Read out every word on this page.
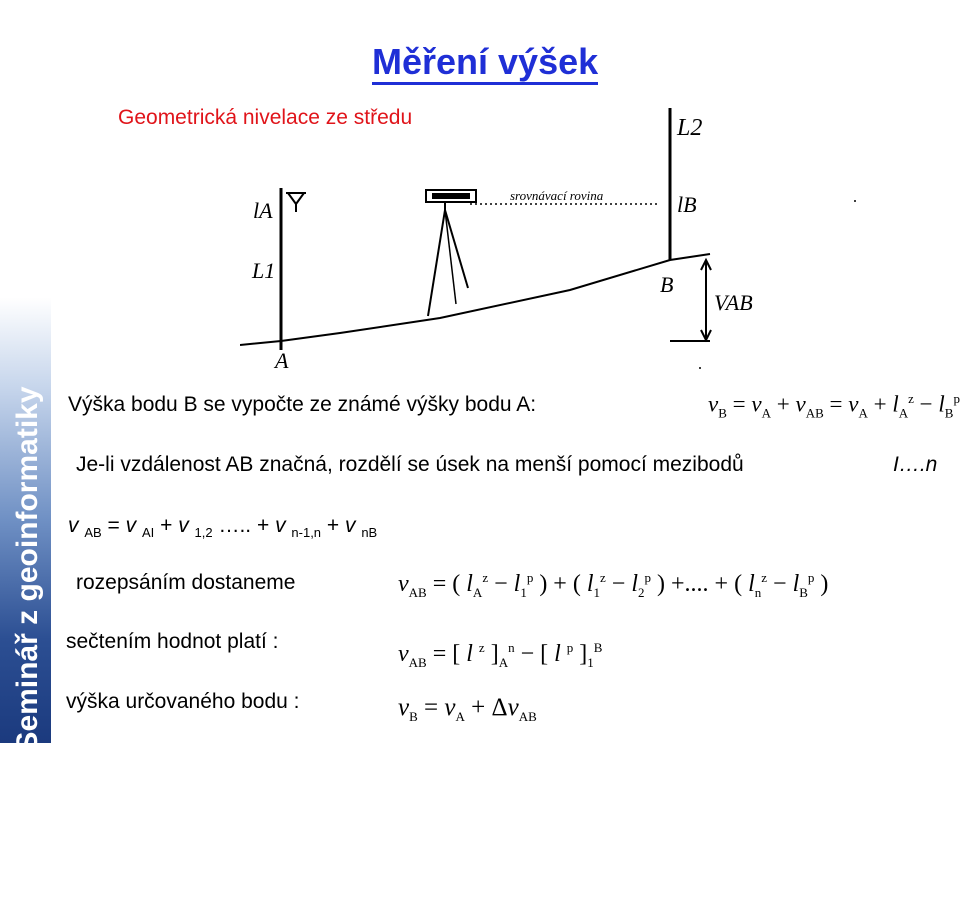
Seminář z geoinformatiky
Měření výšek
Geometrická nivelace ze středu	L2
lA	lB
L1
A
B
VAB
srovnávací rovina
Výška bodu B se vypočte ze známé výšky bodu A:	$v_B = v_A + v_{AB} = v_A + l_A^z - l_B^p$
Je-li vzdálenost AB značná, rozdělí se úsek na menší pomocí mezibodů	I….n
v $_{AB}$ = v $_{AI}$ + v $_{1,2}$ ….. + v $_{n-1,n}$ + v $_{nB}$
rozepsáním dostaneme	$v_{AB}$ = ( $l_A^z - l_1^p$ ) + ( $l_1^z - l_2^p$ ) +.... + ( $l_n^z - l_B^p$ )
sečtením hodnot platí :	$v_{AB}$ = [ l $^z$ ]$_A^n$ − [ l $^p$ ]$_1^B$
výška určovaného bodu :	$v_B = v_A + \Delta v_{AB}$
